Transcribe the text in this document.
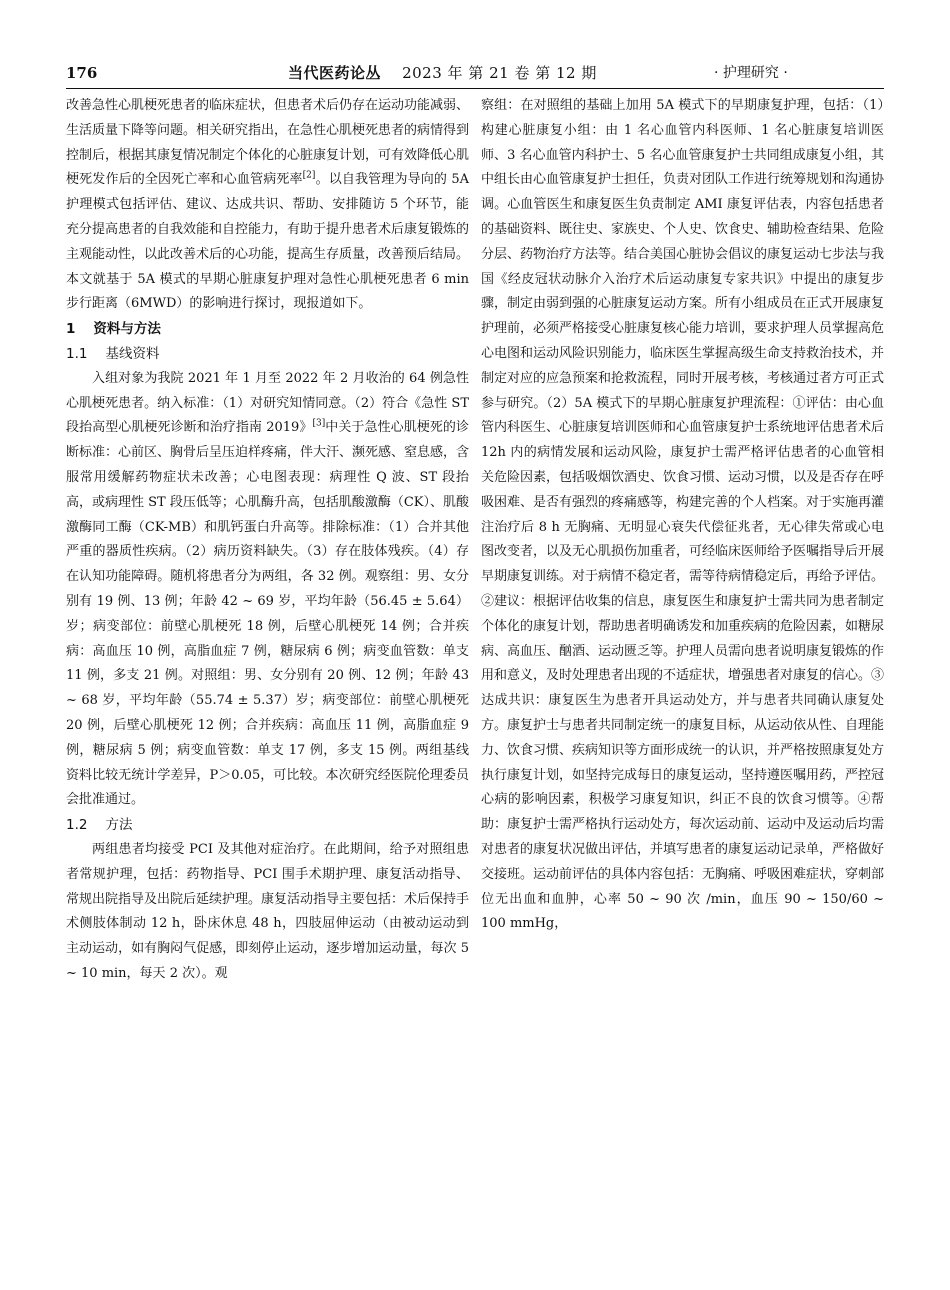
176	当代医药论丛 2023 年 第 21 卷 第 12 期	· 护理研究 ·

改善急性心肌梗死患者的临床症状，但患者术后仍存在运动功能减弱、生活质量下降等问题。相关研究指出，在急性心肌梗死患者的病情得到控制后，根据其康复情况制定个体化的心脏康复计划，可有效降低心肌梗死发作后的全因死亡率和心血管病死率[2]。以自我管理为导向的 5A 护理模式包括评估、建议、达成共识、帮助、安排随访 5 个环节，能充分提高患者的自我效能和自控能力，有助于提升患者术后康复锻炼的主观能动性，以此改善术后的心功能，提高生存质量，改善预后结局。本文就基于 5A 模式的早期心脏康复护理对急性心肌梗死患者 6 min 步行距离（6MWD）的影响进行探讨，现报道如下。

1 资料与方法

1.1 基线资料

入组对象为我院 2021 年 1 月至 2022 年 2 月收治的 64 例急性心肌梗死患者。纳入标准：（1）对研究知情同意。（2）符合《急性 ST 段抬高型心肌梗死诊断和治疗指南 2019》[3]中关于急性心肌梗死的诊断标准：心前区、胸骨后呈压迫样疼痛，伴大汗、濒死感、窒息感，含服常用缓解药物症状未改善；心电图表现：病理性 Q 波、ST 段抬高，或病理性 ST 段压低等；心肌酶升高，包括肌酸激酶（CK）、肌酸激酶同工酶（CK-MB）和肌钙蛋白升高等。排除标准：（1）合并其他严重的器质性疾病。（2）病历资料缺失。（3）存在肢体残疾。（4）存在认知功能障碍。随机将患者分为两组，各 32 例。观察组：男、女分别有 19 例、13 例；年龄 42 ~ 69 岁，平均年龄（56.45 ± 5.64）岁；病变部位：前壁心肌梗死 18 例，后壁心肌梗死 14 例；合并疾病：高血压 10 例，高脂血症 7 例，糖尿病 6 例；病变血管数：单支 11 例，多支 21 例。对照组：男、女分别有 20 例、12 例；年龄 43 ~ 68 岁，平均年龄（55.74 ± 5.37）岁；病变部位：前壁心肌梗死 20 例，后壁心肌梗死 12 例；合并疾病：高血压 11 例，高脂血症 9 例，糖尿病 5 例；病变血管数：单支 17 例，多支 15 例。两组基线资料比较无统计学差异，P＞0.05，可比较。本次研究经医院伦理委员会批准通过。

1.2 方法

两组患者均接受 PCI 及其他对症治疗。在此期间，给予对照组患者常规护理，包括：药物指导、PCI 围手术期护理、康复活动指导、常规出院指导及出院后延续护理。康复活动指导主要包括：术后保持手术侧肢体制动 12 h，卧床休息 48 h，四肢屈伸运动（由被动运动到主动运动，如有胸闷气促感，即刻停止运动，逐步增加运动量，每次 5 ~ 10 min，每天 2 次）。观

察组：在对照组的基础上加用 5A 模式下的早期康复护理，包括：（1）构建心脏康复小组：由 1 名心血管内科医师、1 名心脏康复培训医师、3 名心血管内科护士、5 名心血管康复护士共同组成康复小组，其中组长由心血管康复护士担任，负责对团队工作进行统筹规划和沟通协调。心血管医生和康复医生负责制定 AMI 康复评估表，内容包括患者的基础资料、既往史、家族史、个人史、饮食史、辅助检查结果、危险分层、药物治疗方法等。结合美国心脏协会倡议的康复运动七步法与我国《经皮冠状动脉介入治疗术后运动康复专家共识》中提出的康复步骤，制定由弱到强的心脏康复运动方案。所有小组成员在正式开展康复护理前，必须严格接受心脏康复核心能力培训，要求护理人员掌握高危心电图和运动风险识别能力，临床医生掌握高级生命支持救治技术，并制定对应的应急预案和抢救流程，同时开展考核，考核通过者方可正式参与研究。（2）5A 模式下的早期心脏康复护理流程：①评估：由心血管内科医生、心脏康复培训医师和心血管康复护士系统地评估患者术后 12h 内的病情发展和运动风险，康复护士需严格评估患者的心血管相关危险因素，包括吸烟饮酒史、饮食习惯、运动习惯，以及是否存在呼吸困难、是否有强烈的疼痛感等，构建完善的个人档案。对于实施再灌注治疗后 8 h 无胸痛、无明显心衰失代偿征兆者，无心律失常或心电图改变者，以及无心肌损伤加重者，可经临床医师给予医嘱指导后开展早期康复训练。对于病情不稳定者，需等待病情稳定后，再给予评估。②建议：根据评估收集的信息，康复医生和康复护士需共同为患者制定个体化的康复计划，帮助患者明确诱发和加重疾病的危险因素，如糖尿病、高血压、酗酒、运动匮乏等。护理人员需向患者说明康复锻炼的作用和意义，及时处理患者出现的不适症状，增强患者对康复的信心。③达成共识：康复医生为患者开具运动处方，并与患者共同确认康复处方。康复护士与患者共同制定统一的康复目标，从运动依从性、自理能力、饮食习惯、疾病知识等方面形成统一的认识，并严格按照康复处方执行康复计划，如坚持完成每日的康复运动，坚持遵医嘱用药，严控冠心病的影响因素，积极学习康复知识，纠正不良的饮食习惯等。④帮助：康复护士需严格执行运动处方，每次运动前、运动中及运动后均需对患者的康复状况做出评估，并填写患者的康复运动记录单，严格做好交接班。运动前评估的具体内容包括：无胸痛、呼吸困难症状，穿刺部位无出血和血肿，心率 50 ~ 90 次 /min，血压 90 ~ 150/60 ~ 100 mmHg，
